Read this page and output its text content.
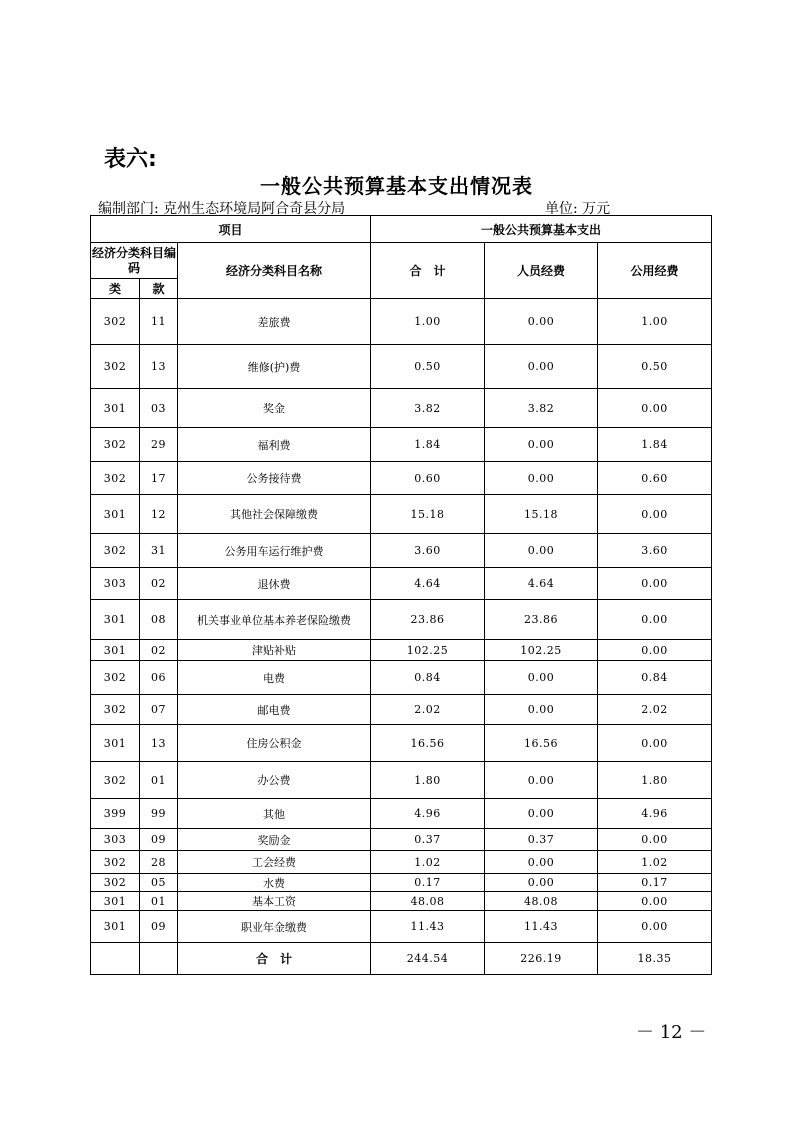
表六:
一般公共预算基本支出情况表
编制部门: 克州生态环境局阿合奇县分局	单位: 万元
项目			一般公共预算基本支出		
经济分类科目编码		经济分类科目名称	合　计	人员经费	公用经费
类	款				
302	11	差旅费	1.00	0.00	1.00
302	13	维修(护)费	0.50	0.00	0.50
301	03	奖金	3.82	3.82	0.00
302	29	福利费	1.84	0.00	1.84
302	17	公务接待费	0.60	0.00	0.60
301	12	其他社会保障缴费	15.18	15.18	0.00
302	31	公务用车运行维护费	3.60	0.00	3.60
303	02	退休费	4.64	4.64	0.00
301	08	机关事业单位基本养老保险缴费	23.86	23.86	0.00
301	02	津贴补贴	102.25	102.25	0.00
302	06	电费	0.84	0.00	0.84
302	07	邮电费	2.02	0.00	2.02
301	13	住房公积金	16.56	16.56	0.00
302	01	办公费	1.80	0.00	1.80
399	99	其他	4.96	0.00	4.96
303	09	奖励金	0.37	0.37	0.00
302	28	工会经费	1.02	0.00	1.02
302	05	水费	0.17	0.00	0.17
301	01	基本工资	48.08	48.08	0.00
301	09	职业年金缴费	11.43	11.43	0.00
		合　计	244.54	226.19	18.35
－ 12 －
